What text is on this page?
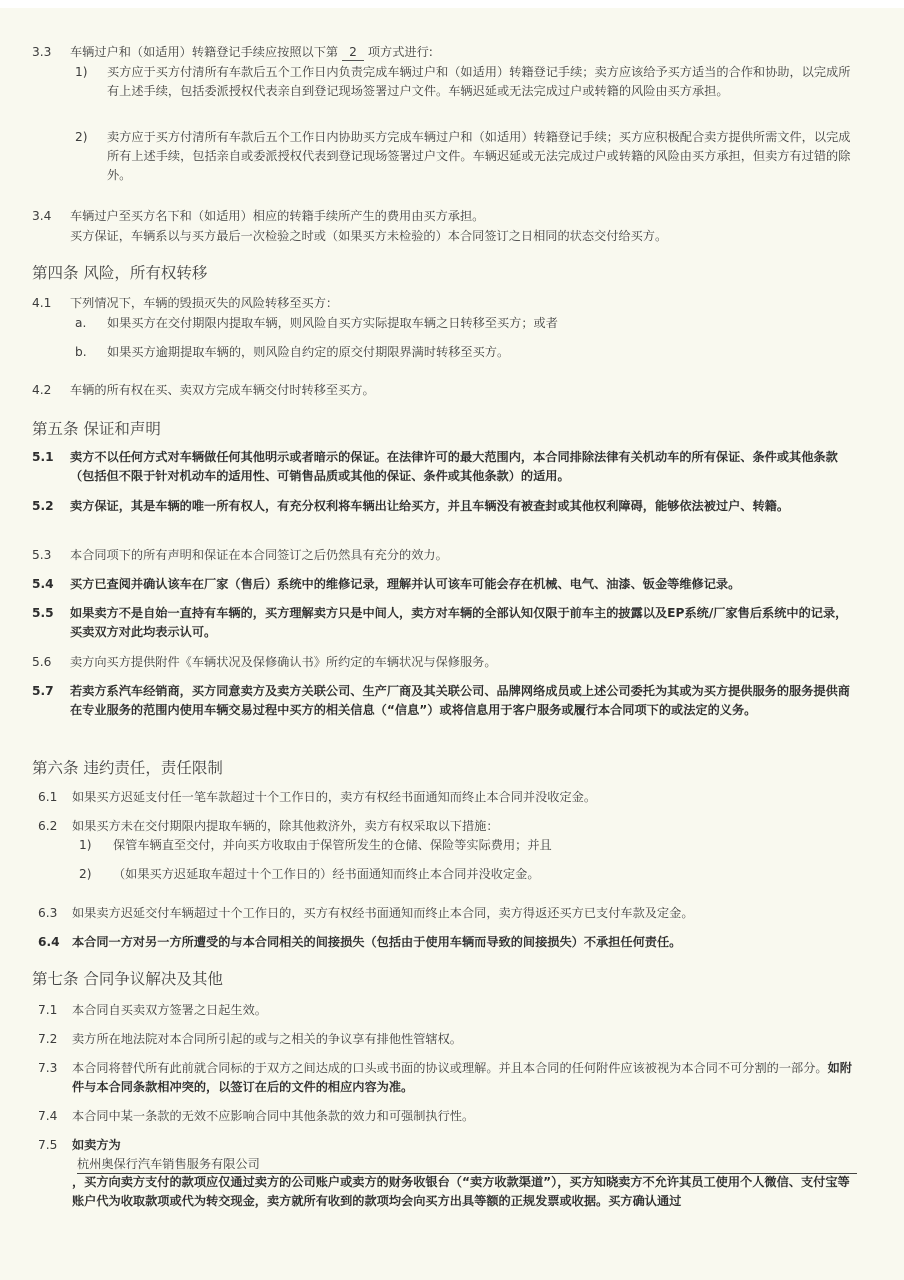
3.3 车辆过户和（如适用）转籍登记手续应按照以下第 2 项方式进行:
1) 买方应于买方付清所有车款后五个工作日内负责完成车辆过户和（如适用）转籍登记手续；卖方应该给予买方适当的合作和协助，以完成所有上述手续，包括委派授权代表亲自到登记现场签署过户文件。车辆迟延或无法完成过户或转籍的风险由买方承担。
2) 卖方应于买方付清所有车款后五个工作日内协助买方完成车辆过户和（如适用）转籍登记手续；买方应积极配合卖方提供所需文件，以完成所有上述手续，包括亲自或委派授权代表到登记现场签署过户文件。车辆迟延或无法完成过户或转籍的风险由买方承担，但卖方有过错的除外。
3.4 车辆过户至买方名下和（如适用）相应的转籍手续所产生的费用由买方承担。
买方保证，车辆系以与买方最后一次检验之时或（如果买方未检验的）本合同签订之日相同的状态交付给买方。
第四条 风险，所有权转移
4.1 下列情况下，车辆的毁损灭失的风险转移至买方：
a. 如果买方在交付期限内提取车辆，则风险自买方实际提取车辆之日转移至买方；或者
b. 如果买方逾期提取车辆的，则风险自约定的原交付期限界满时转移至买方。
4.2 车辆的所有权在买、卖双方完成车辆交付时转移至买方。
第五条 保证和声明
5.1 卖方不以任何方式对车辆做任何其他明示或者暗示的保证。在法律许可的最大范围内，本合同排除法律有关机动车的所有保证、条件或其他条款（包括但不限于针对机动车的适用性、可销售品质或其他的保证、条件或其他条款）的适用。
5.2 卖方保证，其是车辆的唯一所有权人，有充分权利将车辆出让给买方，并且车辆没有被查封或其他权利障碍，能够依法被过户、转籍。
5.3 本合同项下的所有声明和保证在本合同签订之后仍然具有充分的效力。
5.4 买方已查阅并确认该车在厂家（售后）系统中的维修记录，理解并认可该车可能会存在机械、电气、油漆、钣金等维修记录。
5.5 如果卖方不是自始一直持有车辆的，买方理解卖方只是中间人，卖方对车辆的全部认知仅限于前车主的披露以及EP系统/厂家售后系统中的记录，买卖双方对此均表示认可。
5.6 卖方向买方提供附件《车辆状况及保修确认书》所约定的车辆状况与保修服务。
5.7 若卖方系汽车经销商，买方同意卖方及卖方关联公司、生产厂商及其关联公司、品牌网络成员或上述公司委托为其或为买方提供服务的服务提供商在专业服务的范围内使用车辆交易过程中买方的相关信息（“信息”）或将信息用于客户服务或履行本合同项下的或法定的义务。
第六条 违约责任，责任限制
6.1 如果买方迟延支付任一笔车款超过十个工作日的，卖方有权经书面通知而终止本合同并没收定金。
6.2 如果买方未在交付期限内提取车辆的，除其他救济外，卖方有权采取以下措施：
1) 保管车辆直至交付，并向买方收取由于保管所发生的仓储、保险等实际费用；并且
2) （如果买方迟延取车超过十个工作日的）经书面通知而终止本合同并没收定金。
6.3 如果卖方迟延交付车辆超过十个工作日的，买方有权经书面通知而终止本合同，卖方得返还买方已支付车款及定金。
6.4 本合同一方对另一方所遭受的与本合同相关的间接损失（包括由于使用车辆而导致的间接损失）不承担任何责任。
第七条 合同争议解决及其他
7.1 本合同自买卖双方签署之日起生效。
7.2 卖方所在地法院对本合同所引起的或与之相关的争议享有排他性管辖权。
7.3 本合同将替代所有此前就合同标的于双方之间达成的口头或书面的协议或理解。并且本合同的任何附件应该被视为本合同不可分割的一部分。如附件与本合同条款相冲突的，以签订在后的文件的相应内容为准。
7.4 本合同中某一条款的无效不应影响合同中其他条款的效力和可强制执行性。
7.5 如卖方为
杭州奥保行汽车销售服务有限公司
，买方向卖方支付的款项应仅通过卖方的公司账户或卖方的财务收银台（“卖方收款渠道”），买方知晓卖方不允许其员工使用个人微信、支付宝等账户代为收取款项或代为转交现金，卖方就所有收到的款项均会向买方出具等额的正规发票或收据。买方确认通过
